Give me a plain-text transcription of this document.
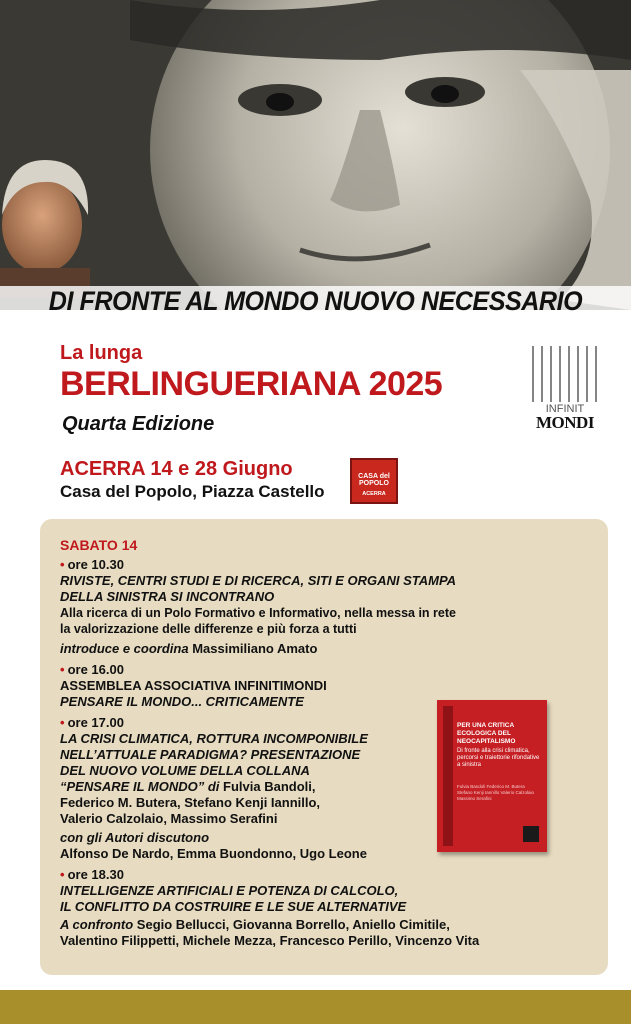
DI FRONTE AL MONDO NUOVO NECESSARIO
La lunga
BERLINGUERIANA 2025
Quarta Edizione
INFINIT
MONDI
ACERRA 14 e 28 Giugno
Casa del Popolo, Piazza Castello
CASA del POPOLO
ACERRA
SABATO 14
• ore 10.30
RIVISTE, CENTRI STUDI E DI RICERCA, SITI E ORGANI STAMPA
DELLA SINISTRA SI INCONTRANO
Alla ricerca di un Polo Formativo e Informativo, nella messa in rete
la valorizzazione delle differenze e più forza a tutti
introduce e coordina Massimiliano Amato
• ore 16.00
ASSEMBLEA ASSOCIATIVA INFINITIMONDI
PENSARE IL MONDO... CRITICAMENTE
• ore 17.00
LA CRISI CLIMATICA, ROTTURA INCOMPONIBILE
NELL’ATTUALE PARADIGMA? PRESENTAZIONE
DEL NUOVO VOLUME DELLA COLLANA
“PENSARE IL MONDO” di Fulvia Bandoli,
Federico M. Butera, Stefano Kenji Iannillo,
Valerio Calzolaio, Massimo Serafini
con gli Autori discutono
Alfonso De Nardo, Emma Buondonno, Ugo Leone
• ore 18.30
INTELLIGENZE ARTIFICIALI E POTENZA DI CALCOLO,
IL CONFLITTO DA COSTRUIRE E LE SUE ALTERNATIVE
A confronto Segio Bellucci, Giovanna Borrello, Aniello Cimitile,
Valentino Filippetti, Michele Mezza, Francesco Perillo, Vincenzo Vita
PER UNA CRITICA ECOLOGICA DEL NEOCAPITALISMO
Di fronte alla crisi climatica, percorsi e traiettorie rifondative a sinistra
Fulvia Bandoli Federico M. Butera Stefano Kenji Iannillo Valerio Calzolaio Massimo Serafini
